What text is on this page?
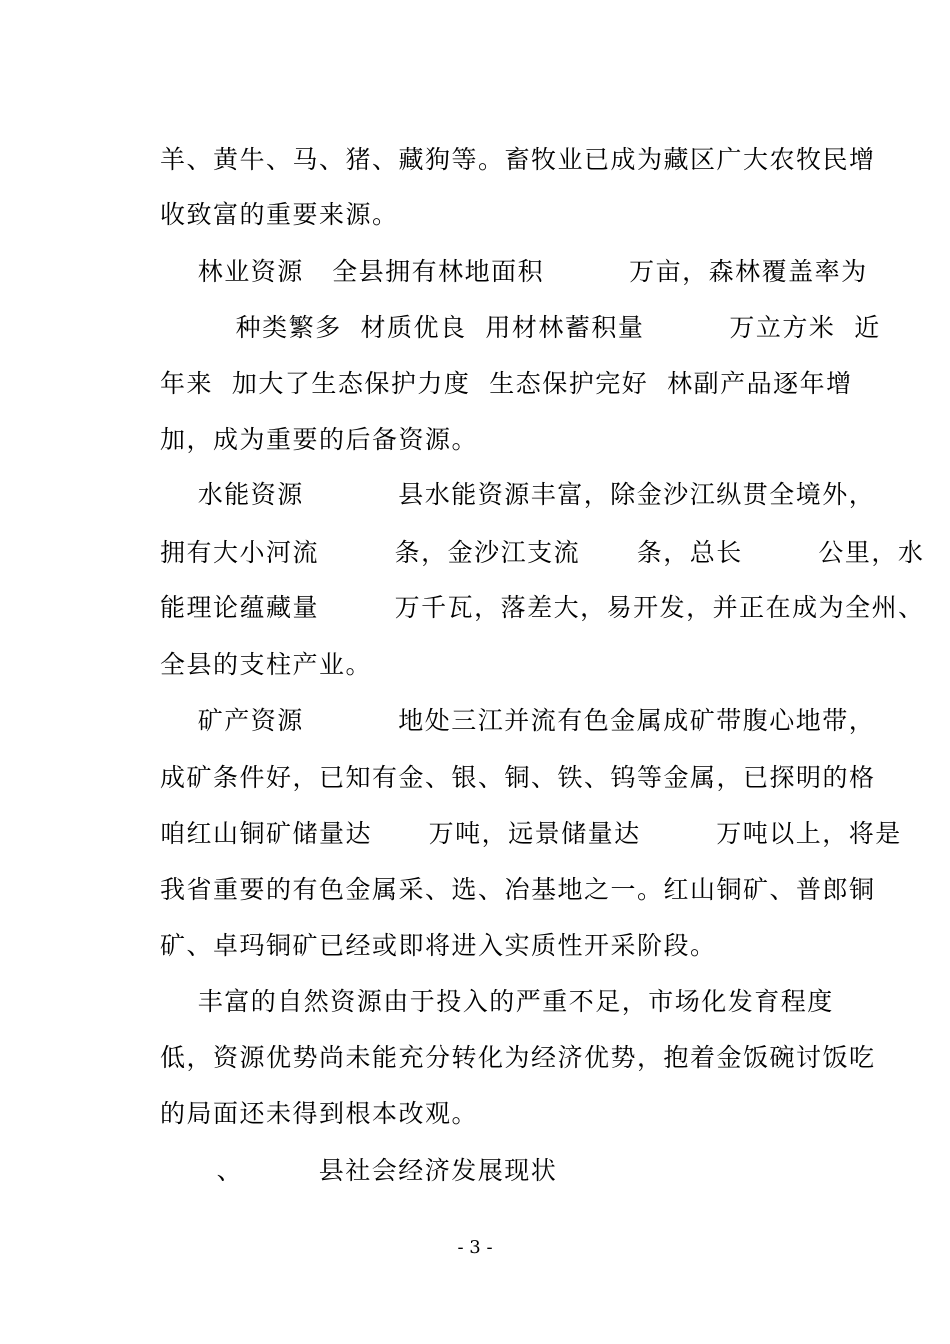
羊、黄牛、马、猪、藏狗等。畜牧业已成为藏区广大农牧民增
收致富的重要来源。
林业资源   全县拥有林地面积         万亩，森林覆盖率为
种类繁多  材质优良  用材林蓄积量         万立方米  近
年来  加大了生态保护力度  生态保护完好  林副产品逐年增
加，成为重要的后备资源。
水能资源          县水能资源丰富，除金沙江纵贯全境外，
拥有大小河流        条，金沙江支流      条，总长        公里，水
能理论蕴藏量        万千瓦，落差大，易开发，并正在成为全州、
全县的支柱产业。
矿产资源          地处三江并流有色金属成矿带腹心地带，
成矿条件好，已知有金、银、铜、铁、钨等金属，已探明的格
咱红山铜矿储量达      万吨，远景储量达        万吨以上，将是
我省重要的有色金属采、选、冶基地之一。红山铜矿、普郎铜
矿、卓玛铜矿已经或即将进入实质性开采阶段。
丰富的自然资源由于投入的严重不足，市场化发育程度
低，资源优势尚未能充分转化为经济优势，抱着金饭碗讨饭吃
的局面还未得到根本改观。
、        县社会经济发展现状
- 3 -
